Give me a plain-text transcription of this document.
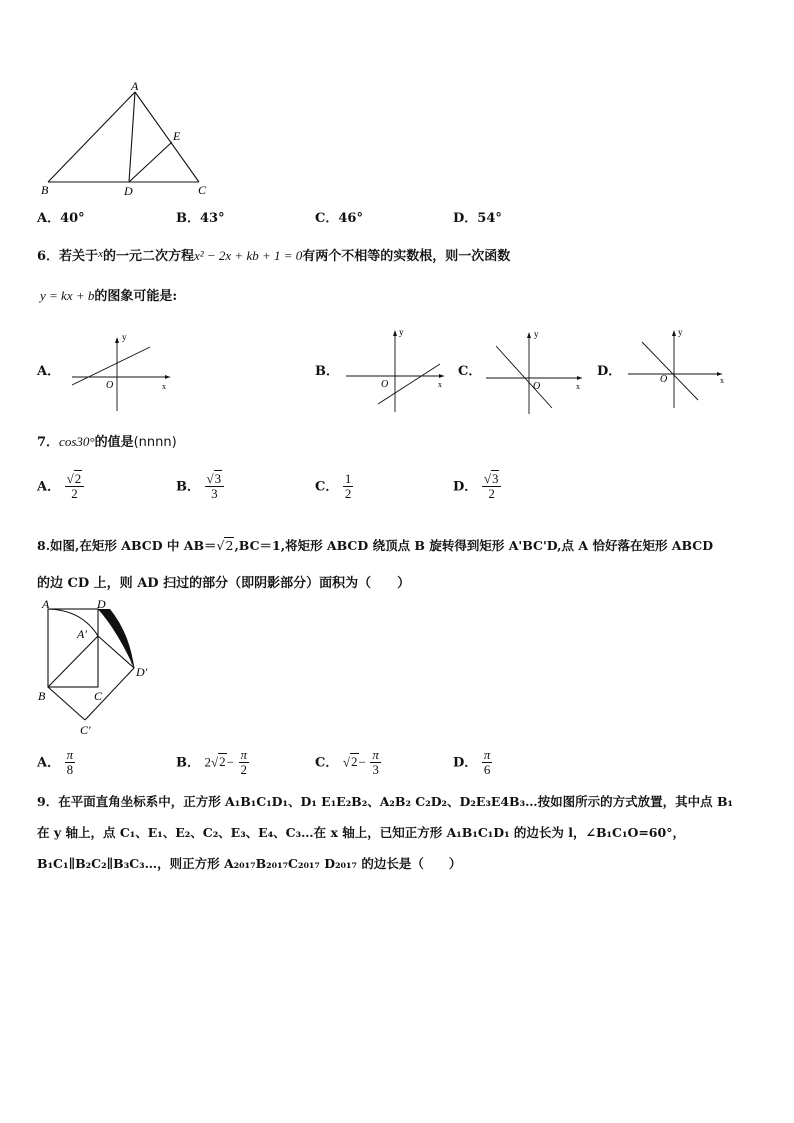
A
E
B	D	C
A．40°	B．43°	C．46°	D．54°
6．若关于$^x$的一元二次方程x² − 2x + kb + 1 = 0有两个不相等的实数根，则一次函数
y = kx + b的图象可能是:
A．
y
x
O
B．
y
x
O
C．
y
x
O
D．
y
x
O
7．cos30°的值是(nnnn)
A． $\frac{√2}{2}$	B． $\frac{√3}{3}$	C． $\frac{1}{2}$	D． $\frac{√3}{2}$
8.如图,在矩形 ABCD 中 AB＝√2,BC＝1,将矩形 ABCD 绕顶点 B 旋转得到矩形 A'BC'D,点 A 恰好落在矩形 ABCD
的边 CD 上，则 AD 扫过的部分（即阴影部分）面积为（　　）
A	D
A′
D′
B	C
C′
A． $\frac{\pi}{8}$	B． $2√2- \frac{\pi}{2}$	C． $√2- \frac{\pi}{3}$	D． $\frac{\pi}{6}$
9．在平面直角坐标系中，正方形 A₁B₁C₁D₁、D₁ E₁E₂B₂、A₂B₂ C₂D₂、D₂E₃E4B₃…按如图所示的方式放置，其中点 B₁
在 y 轴上，点 C₁、E₁、E₂、C₂、E₃、E₄、C₃…在 x 轴上，已知正方形 A₁B₁C₁D₁ 的边长为 l，∠B₁C₁O=60°，
B₁C₁∥B₂C₂∥B₃C₃…，则正方形 A₂₀₁₇B₂₀₁₇C₂₀₁₇ D₂₀₁₇ 的边长是（　　）
